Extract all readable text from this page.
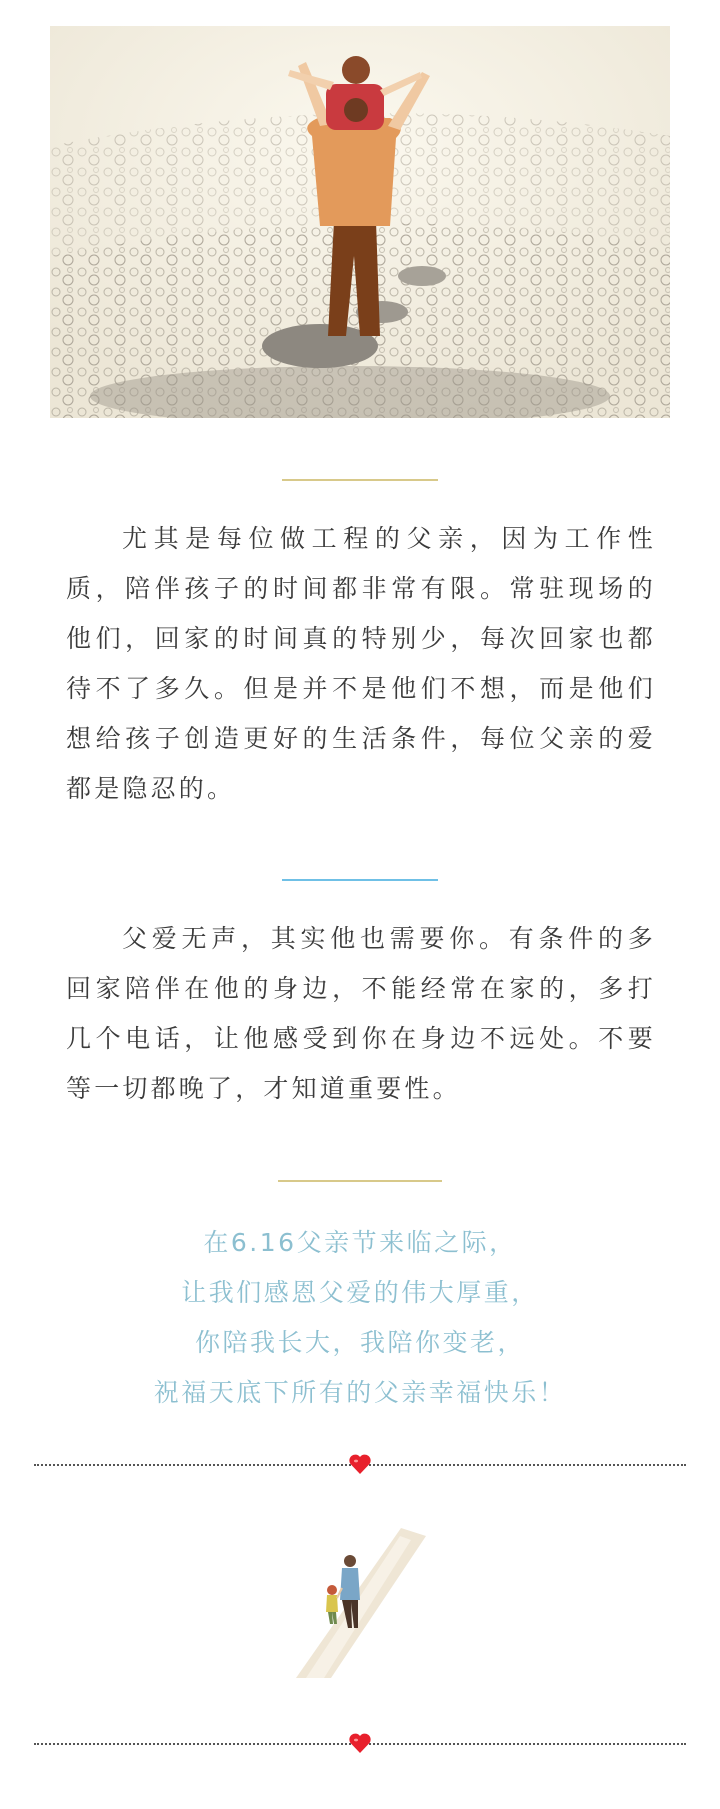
尤其是每位做工程的父亲，因为工作性质，陪伴孩子的时间都非常有限。常驻现场的他们，回家的时间真的特别少，每次回家也都待不了多久。但是并不是他们不想，而是他们想给孩子创造更好的生活条件，每位父亲的爱都是隐忍的。

父爱无声，其实他也需要你。有条件的多回家陪伴在他的身边，不能经常在家的，多打几个电话，让他感受到你在身边不远处。不要等一切都晚了，才知道重要性。

在6.16父亲节来临之际，
让我们感恩父爱的伟大厚重，
你陪我长大，我陪你变老，
祝福天底下所有的父亲幸福快乐！
